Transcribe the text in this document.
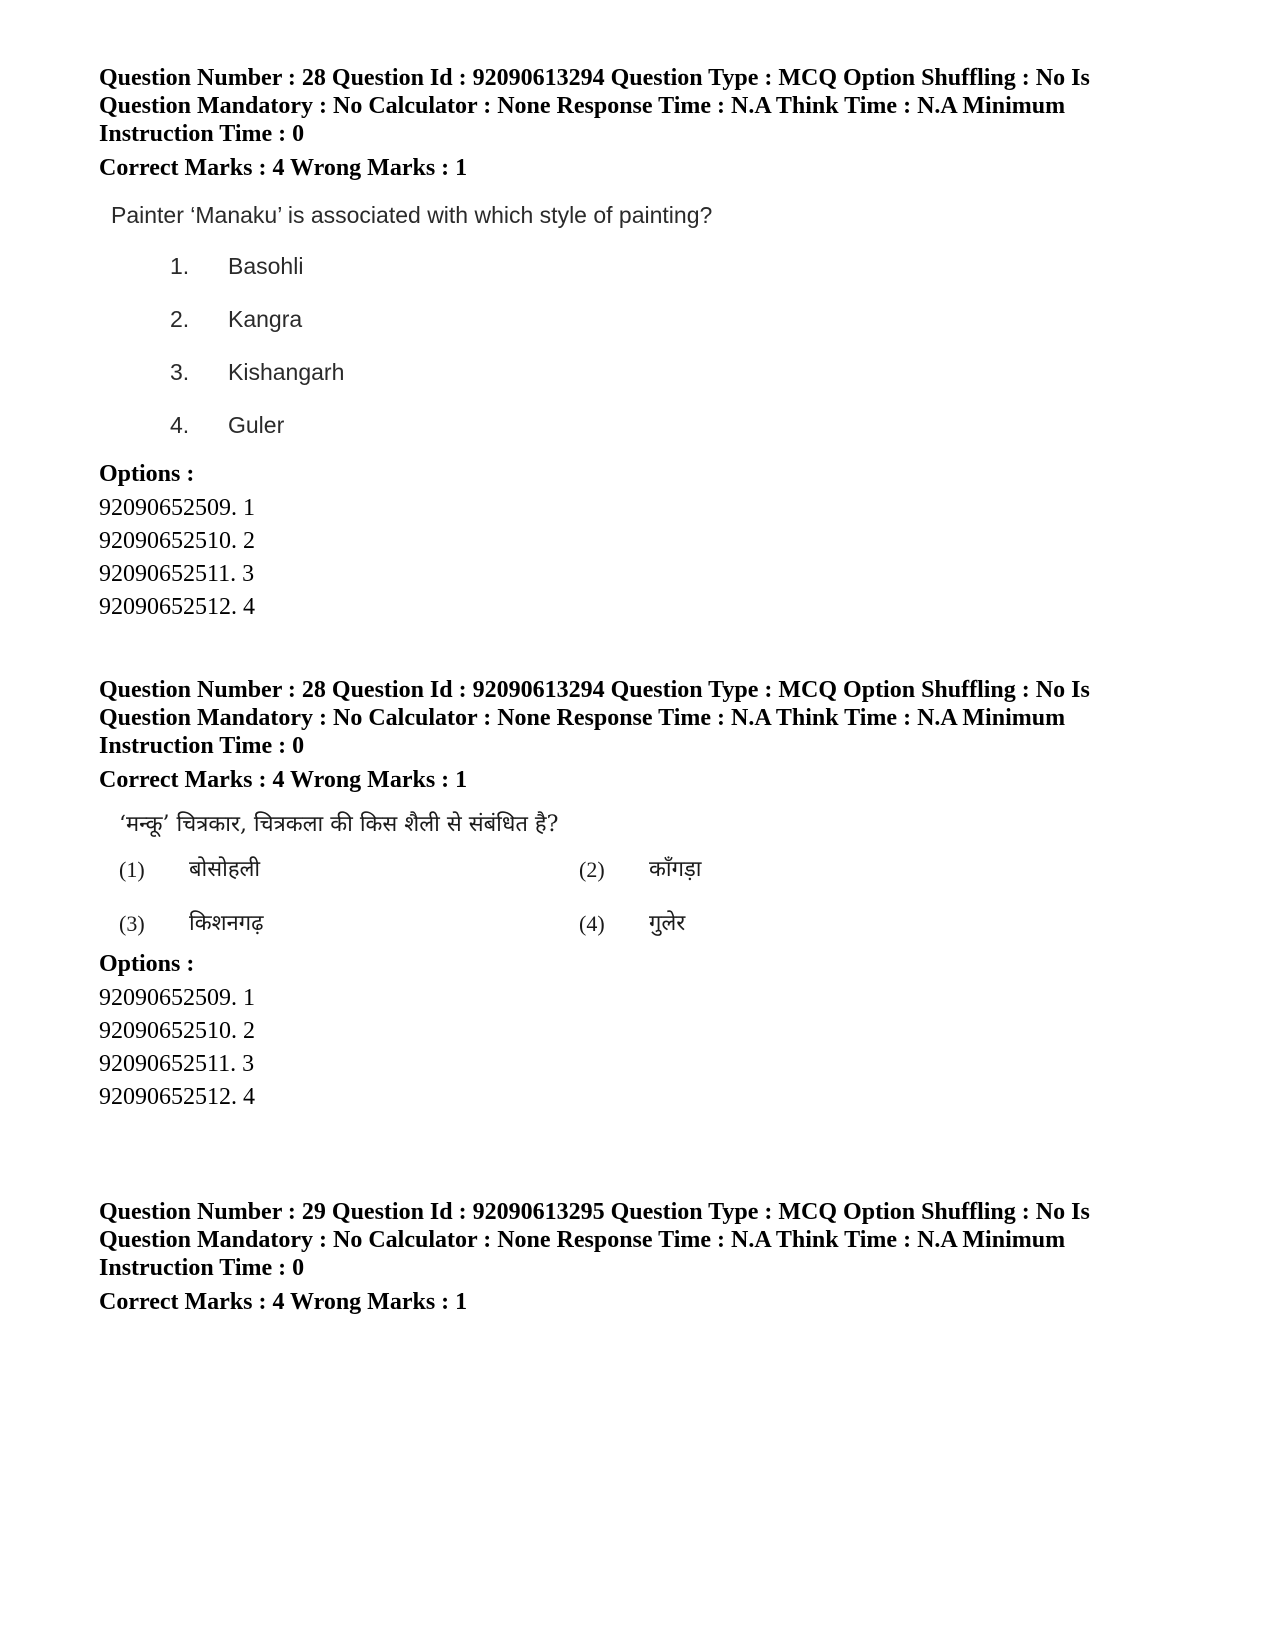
Question Number : 28 Question Id : 92090613294 Question Type : MCQ Option Shuffling : No Is Question Mandatory : No Calculator : None Response Time : N.A Think Time : N.A Minimum Instruction Time : 0

Correct Marks : 4 Wrong Marks : 1

Painter ‘Manaku’ is associated with which style of painting?

1.	Basohli
2.	Kangra
3.	Kishangarh
4.	Guler

Options :

92090652509. 1

92090652510. 2

92090652511. 3

92090652512. 4

Question Number : 28 Question Id : 92090613294 Question Type : MCQ Option Shuffling : No Is Question Mandatory : No Calculator : None Response Time : N.A Think Time : N.A Minimum Instruction Time : 0

Correct Marks : 4 Wrong Marks : 1

‘मन्कू’ चित्रकार, चित्रकला की किस शैली से संबंधित है?

(1)	बोसोहली	(2)	काँगड़ा
(3)	किशनगढ़	(4)	गुलेर

Options :

92090652509. 1

92090652510. 2

92090652511. 3

92090652512. 4

Question Number : 29 Question Id : 92090613295 Question Type : MCQ Option Shuffling : No Is Question Mandatory : No Calculator : None Response Time : N.A Think Time : N.A Minimum Instruction Time : 0

Correct Marks : 4 Wrong Marks : 1
